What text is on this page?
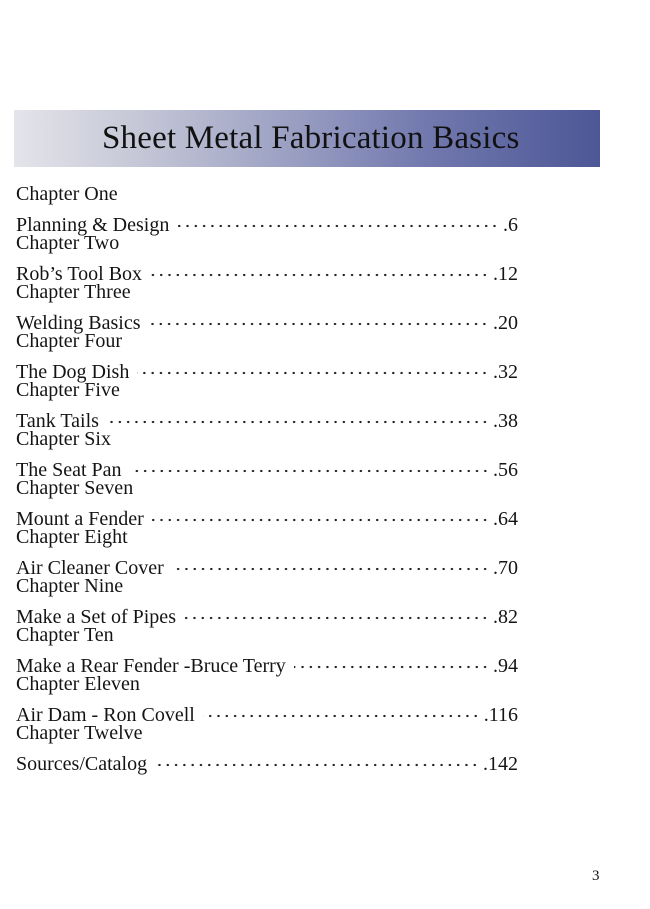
Sheet Metal Fabrication Basics
Chapter One
Planning & Design	.6
Chapter Two
Rob’s Tool Box	.12
Chapter Three
Welding Basics	.20
Chapter Four
The Dog Dish	.32
Chapter Five
Tank Tails	.38
Chapter Six
The Seat Pan	.56
Chapter Seven
Mount a Fender	.64
Chapter Eight
Air Cleaner Cover	.70
Chapter Nine
Make a Set of Pipes	.82
Chapter Ten
Make a Rear Fender -Bruce Terry	.94
Chapter Eleven
Air Dam - Ron Covell	.116
Chapter Twelve
Sources/Catalog	.142
3
